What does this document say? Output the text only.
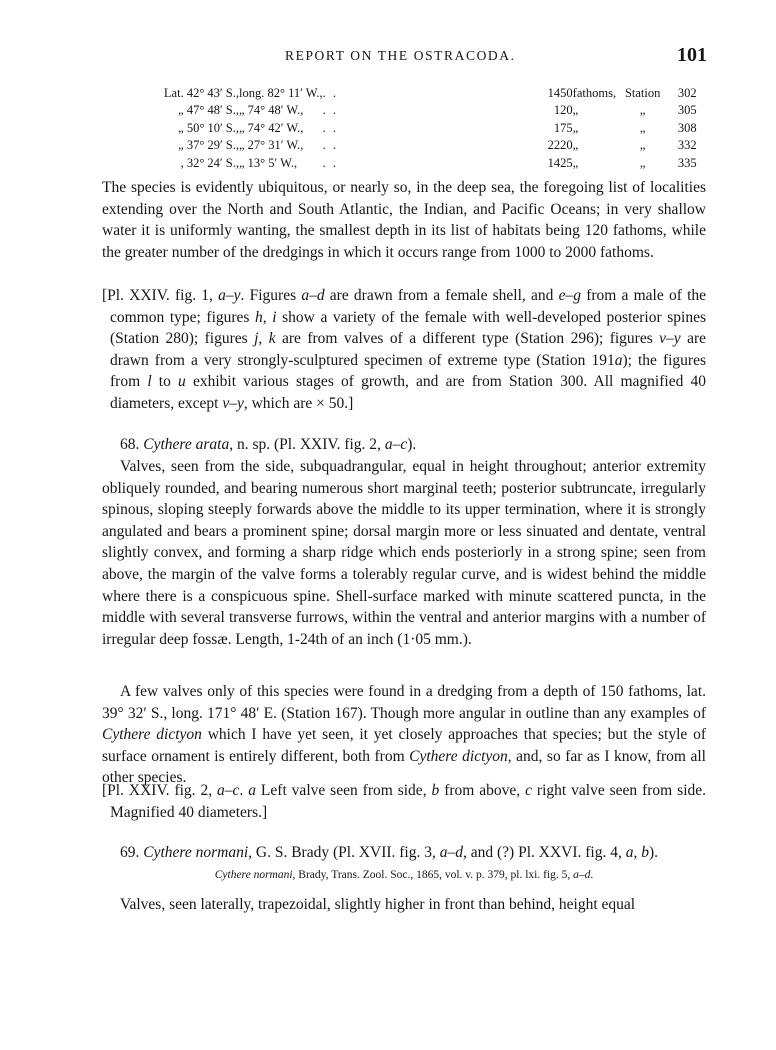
REPORT ON THE OSTRACODA.	101
Lat. 42° 43′ S.,	long. 82° 11′ W.,	. .	1450	fathoms,	Station	302
„ 47° 48′ S.,	„ 74° 48′ W.,	. .	120	„	„	305
„ 50° 10′ S.,	„ 74° 42′ W.,	. .	175	„	„	308
„ 37° 29′ S.,	„ 27° 31′ W.,	. .	2220	„	„	332
, 32° 24′ S.,	„ 13° 5′ W.,	. .	1425	„	„	335

The species is evidently ubiquitous, or nearly so, in the deep sea, the foregoing list of localities extending over the North and South Atlantic, the Indian, and Pacific Oceans; in very shallow water it is uniformly wanting, the smallest depth in its list of habitats being 120 fathoms, while the greater number of the dredgings in which it occurs range from 1000 to 2000 fathoms.

[Pl. XXIV. fig. 1, a–y. Figures a–d are drawn from a female shell, and e–g from a male of the common type; figures h, i show a variety of the female with well-developed posterior spines (Station 280); figures j, k are from valves of a different type (Station 296); figures v–y are drawn from a very strongly-sculptured specimen of extreme type (Station 191a); the figures from l to u exhibit various stages of growth, and are from Station 300. All magnified 40 diameters, except v–y, which are × 50.]

68. Cythere arata, n. sp. (Pl. XXIV. fig. 2, a–c).

Valves, seen from the side, subquadrangular, equal in height throughout; anterior extremity obliquely rounded, and bearing numerous short marginal teeth; posterior subtruncate, irregularly spinous, sloping steeply forwards above the middle to its upper termination, where it is strongly angulated and bears a prominent spine; dorsal margin more or less sinuated and dentate, ventral slightly convex, and forming a sharp ridge which ends posteriorly in a strong spine; seen from above, the margin of the valve forms a tolerably regular curve, and is widest behind the middle where there is a conspicuous spine. Shell-surface marked with minute scattered puncta, in the middle with several transverse furrows, within the ventral and anterior margins with a number of irregular deep fossæ. Length, 1-24th of an inch (1·05 mm.).

A few valves only of this species were found in a dredging from a depth of 150 fathoms, lat. 39° 32′ S., long. 171° 48′ E. (Station 167). Though more angular in outline than any examples of Cythere dictyon which I have yet seen, it yet closely approaches that species; but the style of surface ornament is entirely different, both from Cythere dictyon, and, so far as I know, from all other species.

[Pl. XXIV. fig. 2, a–c. a Left valve seen from side, b from above, c right valve seen from side. Magnified 40 diameters.]

69. Cythere normani, G. S. Brady (Pl. XVII. fig. 3, a–d, and (?) Pl. XXVI. fig. 4, a, b).

Cythere normani, Brady, Trans. Zool. Soc., 1865, vol. v. p. 379, pl. lxi. fig. 5, a–d.

Valves, seen laterally, trapezoidal, slightly higher in front than behind, height equal
